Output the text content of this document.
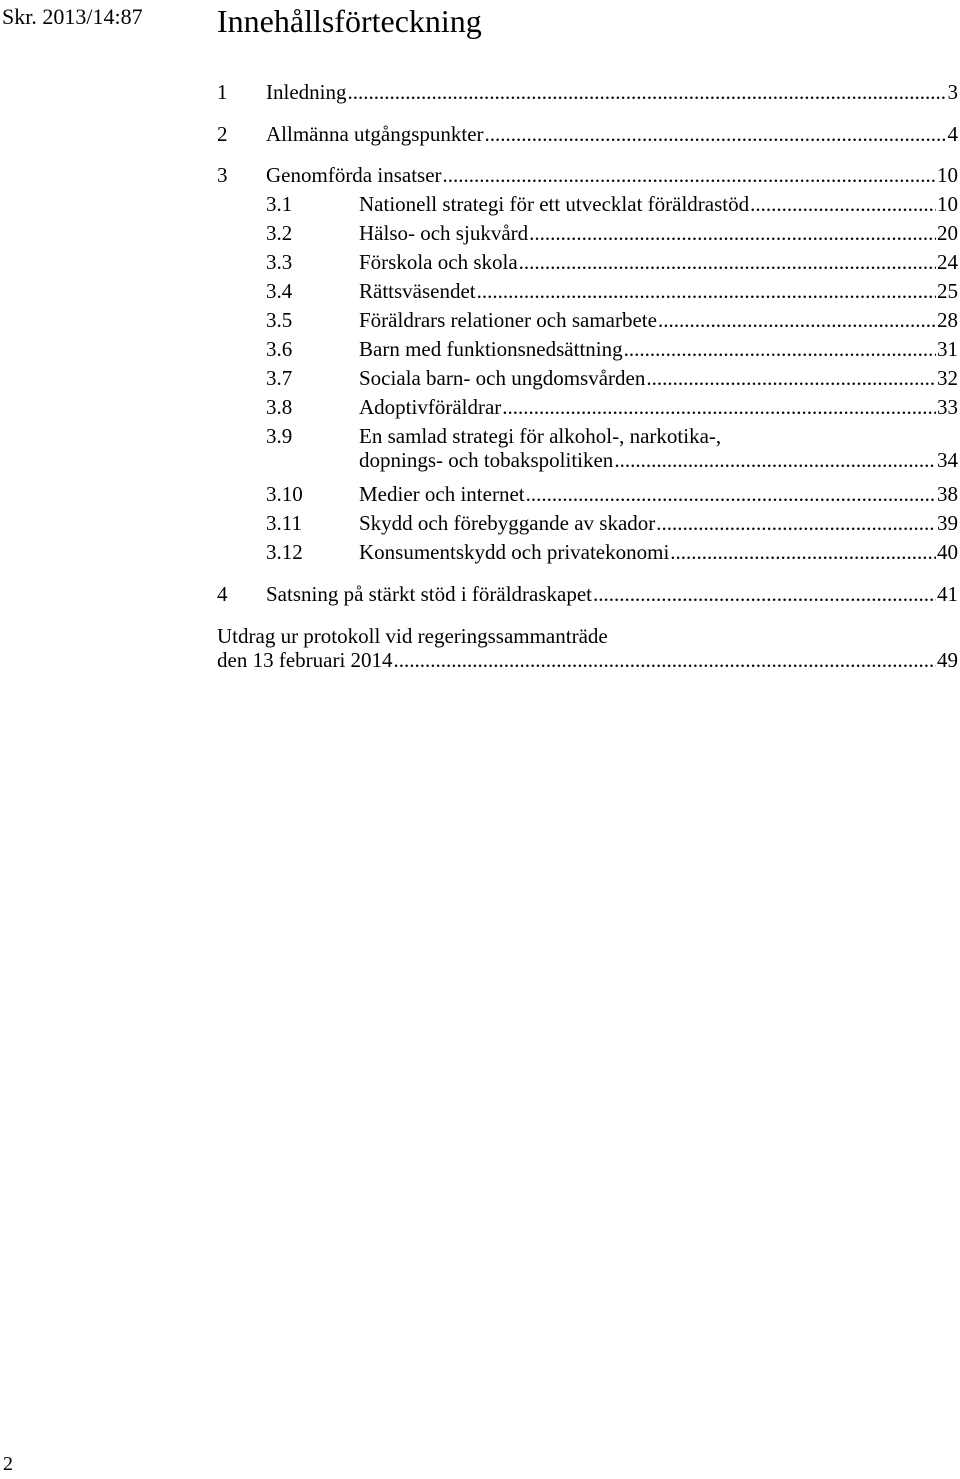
Skr. 2013/14:87 Innehållsförteckning
1	Inledning .....	3
2	Allmänna utgångspunkter .....	4
3	Genomförda insatser .....	10
3.1	Nationell strategi för ett utvecklat föräldrastöd .....	10
3.2	Hälso- och sjukvård .....	20
3.3	Förskola och skola .....	24
3.4	Rättsväsendet .....	25
3.5	Föräldrars relationer och samarbete .....	28
3.6	Barn med funktionsnedsättning .....	31
3.7	Sociala barn- och ungdomsvården .....	32
3.8	Adoptivföräldrar .....	33
3.9	En samlad strategi för alkohol-, narkotika-,
dopnings- och tobakspolitiken .....	34
3.10	Medier och internet .....	38
3.11	Skydd och förebyggande av skador .....	39
3.12	Konsumentskydd och privatekonomi .....	40
4	Satsning på stärkt stöd i föräldraskapet .....	41
Utdrag ur protokoll vid regeringssammanträde
den 13 februari 2014 .....	49
2
